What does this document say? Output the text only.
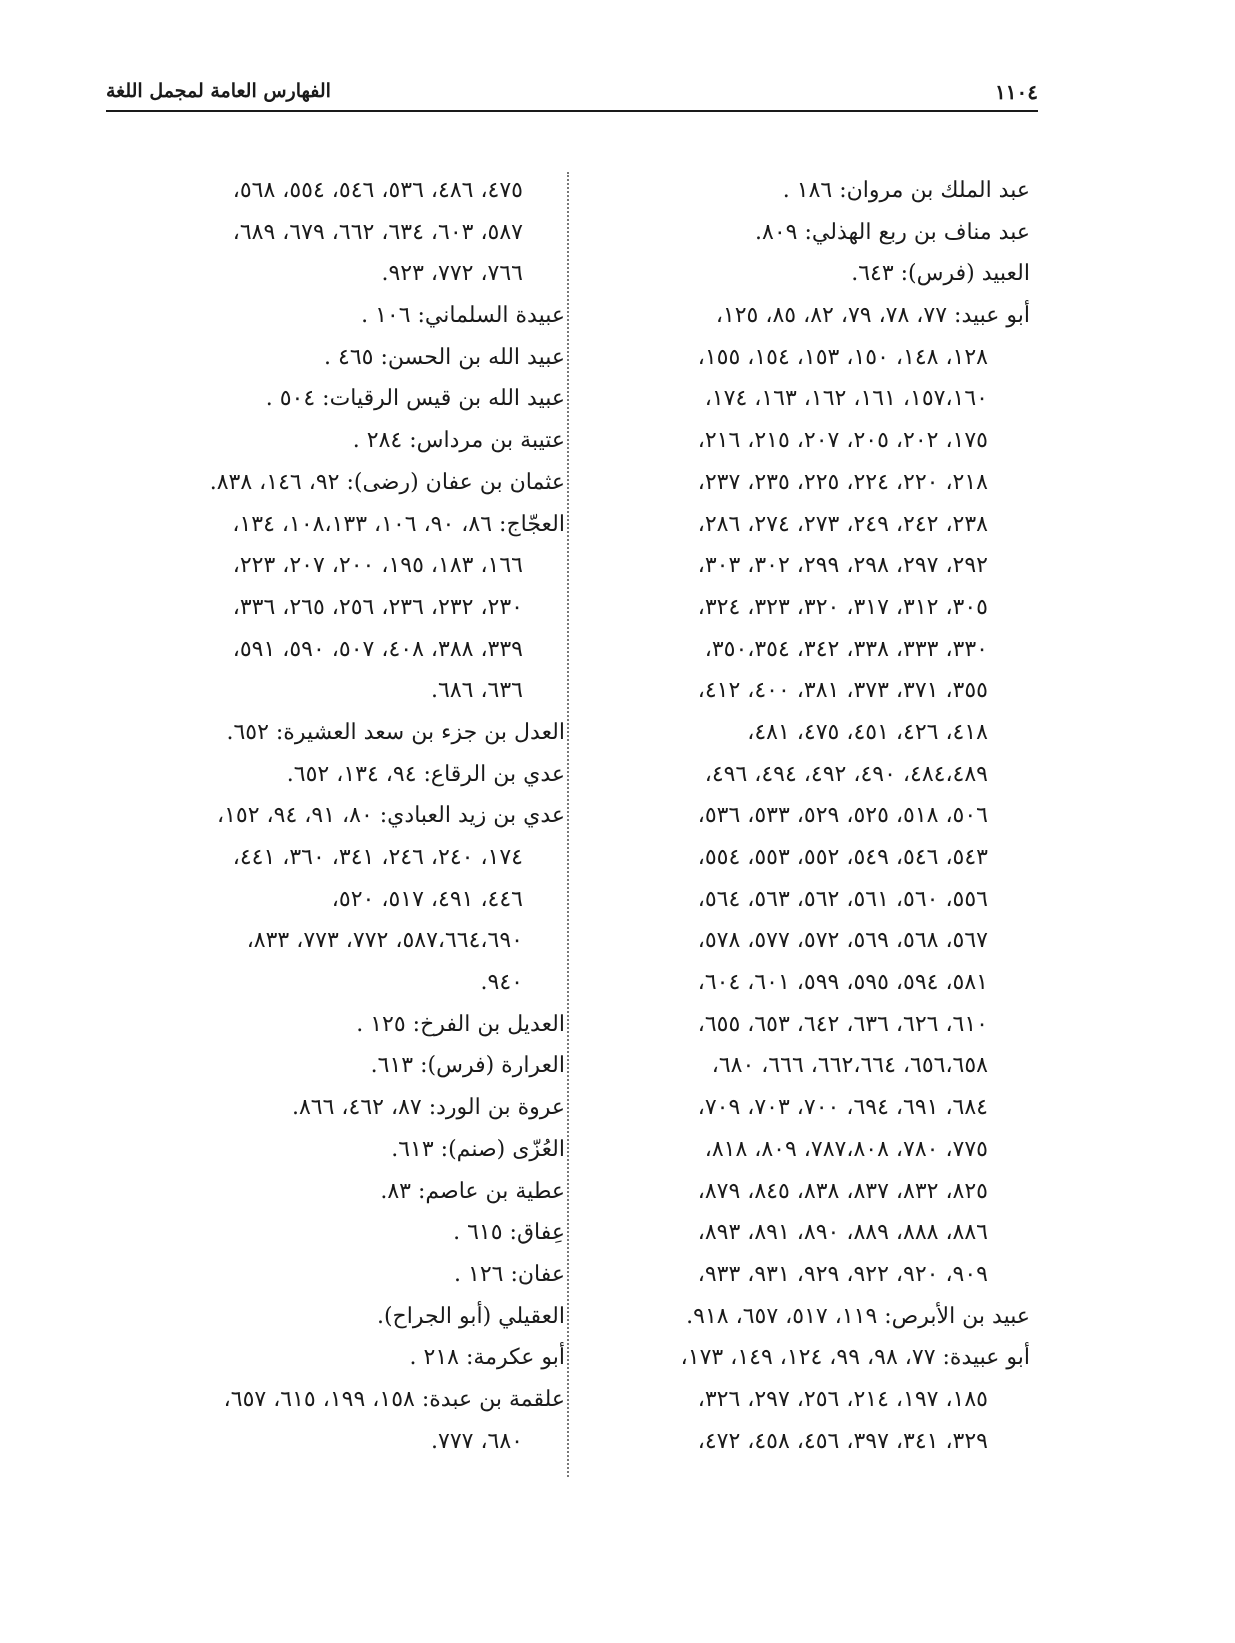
١١٠٤
الفهارس العامة لمجمل اللغة
عبد الملك بن مروان: ١٨٦ .
عبد مناف بن ربع الهذلي: ٨٠٩.
العبيد (فرس): ٦٤٣.
أبو عبيد: ٧٧، ٧٨، ٧٩، ٨٢، ٨٥، ١٢٥،
١٢٨، ١٤٨، ١٥٠، ١٥٣، ١٥٤، ١٥٥،
١٥٧،١٦٠، ١٦١، ١٦٢، ١٦٣، ١٧٤،
١٧٥، ٢٠٢، ٢٠٥، ٢٠٧، ٢١٥، ٢١٦،
٢١٨، ٢٢٠، ٢٢٤، ٢٢٥، ٢٣٥، ٢٣٧،
٢٣٨، ٢٤٢، ٢٤٩، ٢٧٣، ٢٧٤، ٢٨٦،
٢٩٢، ٢٩٧، ٢٩٨، ٢٩٩، ٣٠٢، ٣٠٣،
٣٠٥، ٣١٢، ٣١٧، ٣٢٠، ٣٢٣، ٣٢٤،
٣٣٠، ٣٣٣، ٣٣٨، ٣٤٢، ٣٥٠،٣٥٤،
٣٥٥، ٣٧١، ٣٧٣، ٣٨١، ٤٠٠، ٤١٢،
٤١٨، ٤٢٦، ٤٥١، ٤٧٥، ٤٨١،
٤٨٤،٤٨٩، ٤٩٠، ٤٩٢، ٤٩٤، ٤٩٦،
٥٠٦، ٥١٨، ٥٢٥، ٥٢٩، ٥٣٣، ٥٣٦،
٥٤٣، ٥٤٦، ٥٤٩، ٥٥٢، ٥٥٣، ٥٥٤،
٥٥٦، ٥٦٠، ٥٦١، ٥٦٢، ٥٦٣، ٥٦٤،
٥٦٧، ٥٦٨، ٥٦٩، ٥٧٢، ٥٧٧، ٥٧٨،
٥٨١، ٥٩٤، ٥٩٥، ٥٩٩، ٦٠١، ٦٠٤،
٦١٠، ٦٢٦، ٦٣٦، ٦٤٢، ٦٥٣، ٦٥٥،
٦٥٦،٦٥٨، ٦٦٢،٦٦٤، ٦٦٦، ٦٨٠،
٦٨٤، ٦٩١، ٦٩٤، ٧٠٠، ٧٠٣، ٧٠٩،
٧٧٥، ٧٨٠، ٧٨٧،٨٠٨، ٨٠٩، ٨١٨،
٨٢٥، ٨٣٢، ٨٣٧، ٨٣٨، ٨٤٥، ٨٧٩،
٨٨٦، ٨٨٨، ٨٨٩، ٨٩٠، ٨٩١، ٨٩٣،
٩٠٩، ٩٢٠، ٩٢٢، ٩٢٩، ٩٣١، ٩٣٣،
عبيد بن الأبرص: ١١٩، ٥١٧، ٦٥٧، ٩١٨.
أبو عبيدة: ٧٧، ٩٨، ٩٩، ١٢٤، ١٤٩، ١٧٣،
١٨٥، ١٩٧، ٢١٤، ٢٥٦، ٢٩٧، ٣٢٦،
٣٢٩، ٣٤١، ٣٩٧، ٤٥٦، ٤٥٨، ٤٧٢،
٤٧٥، ٤٨٦، ٥٣٦، ٥٤٦، ٥٥٤، ٥٦٨،
٥٨٧، ٦٠٣، ٦٣٤، ٦٦٢، ٦٧٩، ٦٨٩،
٧٦٦، ٧٧٢، ٩٢٣.
عبيدة السلماني: ١٠٦ .
عبيد الله بن الحسن: ٤٦٥ .
عبيد الله بن قيس الرقيات: ٥٠٤ .
عتيبة بن مرداس: ٢٨٤ .
عثمان بن عفان (رضى): ٩٢، ١٤٦، ٨٣٨.
العجّاج: ٨٦، ٩٠، ١٠٦، ١٠٨،١٣٣، ١٣٤،
١٦٦، ١٨٣، ١٩٥، ٢٠٠، ٢٠٧، ٢٢٣،
٢٣٠، ٢٣٢، ٢٣٦، ٢٥٦، ٢٦٥، ٣٣٦،
٣٣٩، ٣٨٨، ٤٠٨، ٥٠٧، ٥٩٠، ٥٩١،
٦٣٦، ٦٨٦.
العدل بن جزء بن سعد العشيرة: ٦٥٢.
عدي بن الرقاع: ٩٤، ١٣٤، ٦٥٢.
عدي بن زيد العبادي: ٨٠، ٩١، ٩٤، ١٥٢،
١٧٤، ٢٤٠، ٢٤٦، ٣٤١، ٣٦٠، ٤٤١،
٤٤٦، ٤٩١، ٥١٧، ٥٢٠،
٥٨٧،٦٦٤،٦٩٠، ٧٧٢، ٧٧٣، ٨٣٣،
٩٤٠.
العديل بن الفرخ: ١٢٥ .
العرارة (فرس): ٦١٣.
عروة بن الورد: ٨٧، ٤٦٢، ٨٦٦.
العُزّى (صنم): ٦١٣.
عطية بن عاصم: ٨٣.
عِفاق: ٦١٥ .
عفان: ١٢٦ .
العقيلي (أبو الجراح).
أبو عكرمة: ٢١٨ .
علقمة بن عبدة: ١٥٨، ١٩٩، ٦١٥، ٦٥٧،
٦٨٠، ٧٧٧.
